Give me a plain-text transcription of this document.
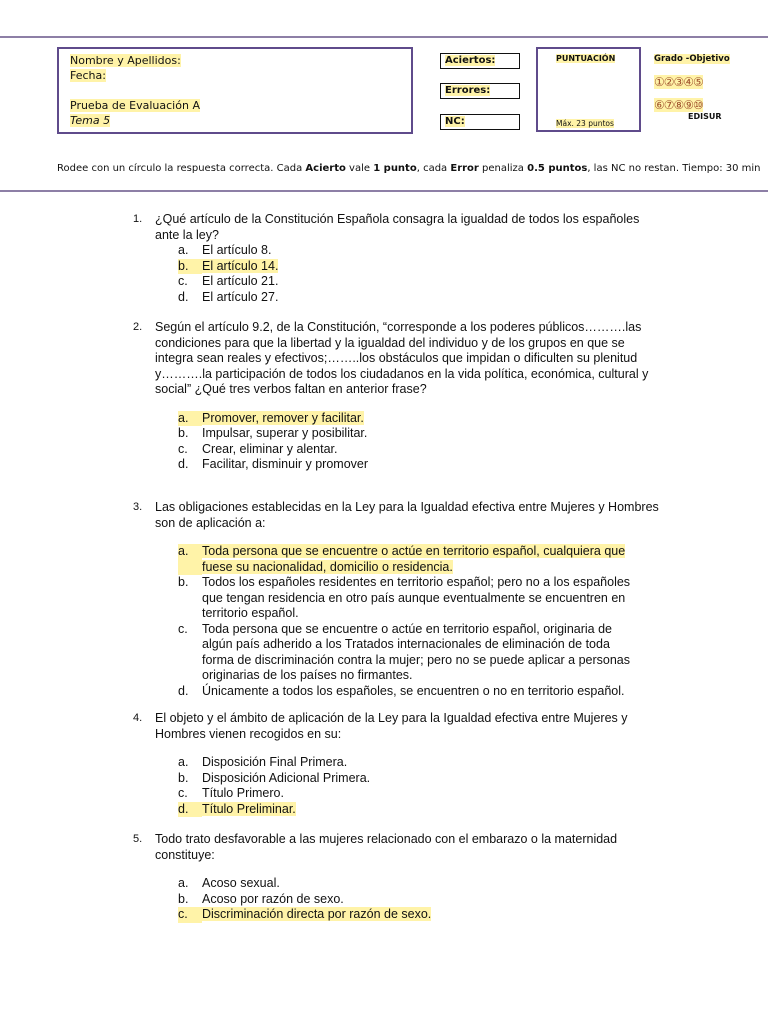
Nombre y Apellidos:
Fecha:
Prueba de Evaluación A
Tema 5
Aciertos:
Errores:
NC:
PUNTUACIÓN
Máx. 23 puntos
Grado -Objetivo
①②③④⑤
⑥⑦⑧⑨⑩
EDISUR
Rodee con un círculo la respuesta correcta. Cada Acierto vale 1 punto, cada Error penaliza 0.5 puntos, las NC no restan. Tiempo: 30 min
1. ¿Qué artículo de la Constitución Española consagra la igualdad de todos los españoles ante la ley?
a.	El artículo 8.
b.	El artículo 14.
c.	El artículo 21.
d.	El artículo 27.
2. Según el artículo 9.2, de la Constitución, “corresponde a los poderes públicos……….las condiciones para que la libertad y la igualdad del individuo y de los grupos en que se integra sean reales y efectivos;……..los obstáculos que impidan o dificulten su plenitud y……….la participación de todos los ciudadanos en la vida política, económica, cultural y social” ¿Qué tres verbos faltan en anterior frase?
a.	Promover, remover y facilitar.
b.	Impulsar, superar y posibilitar.
c.	Crear, eliminar y alentar.
d.	Facilitar, disminuir y promover
3. Las obligaciones establecidas en la Ley para la Igualdad efectiva entre Mujeres y Hombres son de aplicación a:
a.	Toda persona que se encuentre o actúe en territorio español, cualquiera que fuese su nacionalidad, domicilio o residencia.
b.	Todos los españoles residentes en territorio español; pero no a los españoles que tengan residencia en otro país aunque eventualmente se encuentren en territorio español.
c.	Toda persona que se encuentre o actúe en territorio español, originaria de algún país adherido a los Tratados internacionales de eliminación de toda forma de discriminación contra la mujer; pero no se puede aplicar a personas originarias de los países no firmantes.
d.	Únicamente a todos los españoles, se encuentren o no en territorio español.
4. El objeto y el ámbito de aplicación de la Ley para la Igualdad efectiva entre Mujeres y Hombres vienen recogidos en su:
a.	Disposición Final Primera.
b.	Disposición Adicional Primera.
c.	Título Primero.
d.	Título Preliminar.
5. Todo trato desfavorable a las mujeres relacionado con el embarazo o la maternidad constituye:
a.	Acoso sexual.
b.	Acoso por razón de sexo.
c.	Discriminación directa por razón de sexo.
